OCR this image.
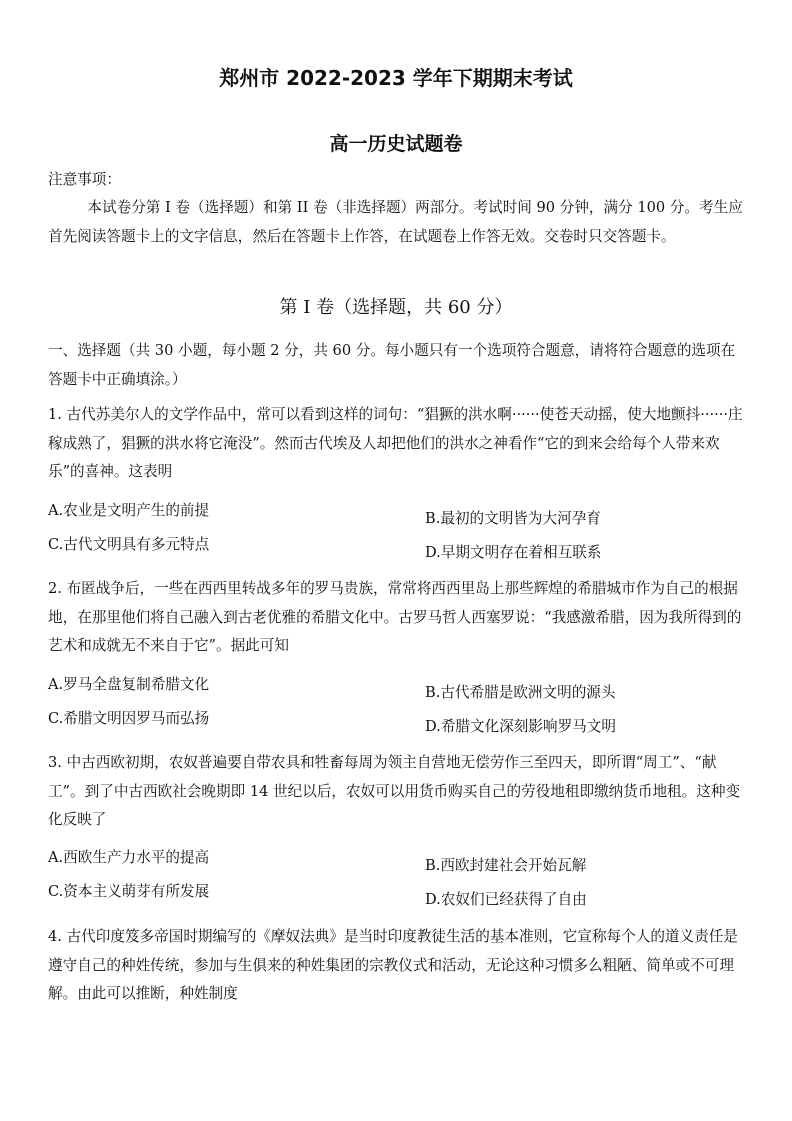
郑州市 2022-2023 学年下期期末考试
高一历史试题卷
注意事项：
本试卷分第 I 卷（选择题）和第 II 卷（非选择题）两部分。考试时间 90 分钟，满分 100 分。考生应首先阅读答题卡上的文字信息，然后在答题卡上作答，在试题卷上作答无效。交卷时只交答题卡。
第 I 卷（选择题，共 60 分）
一、选择题（共 30 小题，每小题 2 分，共 60 分。每小题只有一个选项符合题意，请将符合题意的选项在答题卡中正确填涂。）
1. 古代苏美尔人的文学作品中，常可以看到这样的词句：“猖獗的洪水啊······使苍天动摇，使大地颤抖······庄稼成熟了，猖獗的洪水将它淹没”。然而古代埃及人却把他们的洪水之神看作“它的到来会给每个人带来欢乐”的喜神。这表明
A.农业是文明产生的前提	B.最初的文明皆为大河孕育
C.古代文明具有多元特点	D.早期文明存在着相互联系
2. 布匿战争后，一些在西西里转战多年的罗马贵族，常常将西西里岛上那些辉煌的希腊城市作为自己的根据地，在那里他们将自己融入到古老优雅的希腊文化中。古罗马哲人西塞罗说：“我感激希腊，因为我所得到的艺术和成就无不来自于它”。据此可知
A.罗马全盘复制希腊文化	B.古代希腊是欧洲文明的源头
C.希腊文明因罗马而弘扬	D.希腊文化深刻影响罗马文明
3. 中古西欧初期，农奴普遍要自带农具和牲畜每周为领主自营地无偿劳作三至四天，即所谓“周工”、“献工”。到了中古西欧社会晚期即 14 世纪以后，农奴可以用货币购买自己的劳役地租即缴纳货币地租。这种变化反映了
A.西欧生产力水平的提高	B.西欧封建社会开始瓦解
C.资本主义萌芽有所发展	D.农奴们已经获得了自由
4. 古代印度笈多帝国时期编写的《摩奴法典》是当时印度教徒生活的基本准则，它宣称每个人的道义责任是遵守自己的种姓传统，参加与生俱来的种姓集团的宗教仪式和活动，无论这种习惯多么粗陋、简单或不可理解。由此可以推断，种姓制度
